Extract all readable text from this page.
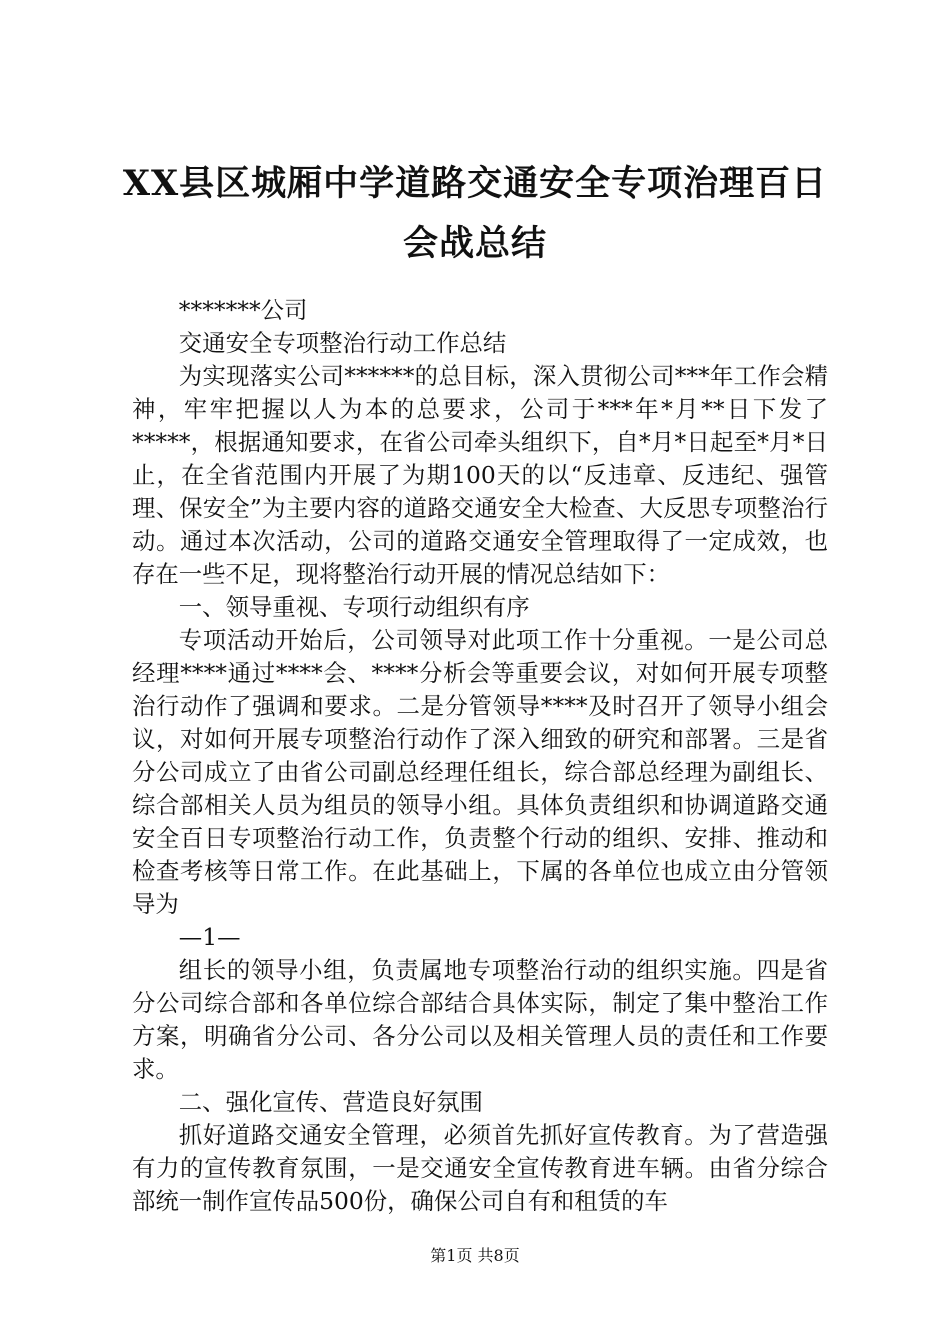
XX县区城厢中学道路交通安全专项治理百日
会战总结

*******公司

交通安全专项整治行动工作总结

为实现落实公司******的总目标，深入贯彻公司***年工作会精神，牢牢把握以人为本的总要求，公司于***年*月**日下发了*****，根据通知要求，在省公司牵头组织下，自*月*日起至*月*日止，在全省范围内开展了为期100天的以“反违章、反违纪、强管理、保安全”为主要内容的道路交通安全大检查、大反思专项整治行动。通过本次活动，公司的道路交通安全管理取得了一定成效，也存在一些不足，现将整治行动开展的情况总结如下：

一、领导重视、专项行动组织有序

专项活动开始后，公司领导对此项工作十分重视。一是公司总经理****通过****会、****分析会等重要会议，对如何开展专项整治行动作了强调和要求。二是分管领导****及时召开了领导小组会议，对如何开展专项整治行动作了深入细致的研究和部署。三是省分公司成立了由省公司副总经理任组长，综合部总经理为副组长、综合部相关人员为组员的领导小组。具体负责组织和协调道路交通安全百日专项整治行动工作，负责整个行动的组织、安排、推动和检查考核等日常工作。在此基础上，下属的各单位也成立由分管领导为

—1—

组长的领导小组，负责属地专项整治行动的组织实施。四是省分公司综合部和各单位综合部结合具体实际，制定了集中整治工作方案，明确省分公司、各分公司以及相关管理人员的责任和工作要求。

二、强化宣传、营造良好氛围

抓好道路交通安全管理，必须首先抓好宣传教育。为了营造强有力的宣传教育氛围，一是交通安全宣传教育进车辆。由省分综合部统一制作宣传品500份，确保公司自有和租赁的车

第1页 共8页
